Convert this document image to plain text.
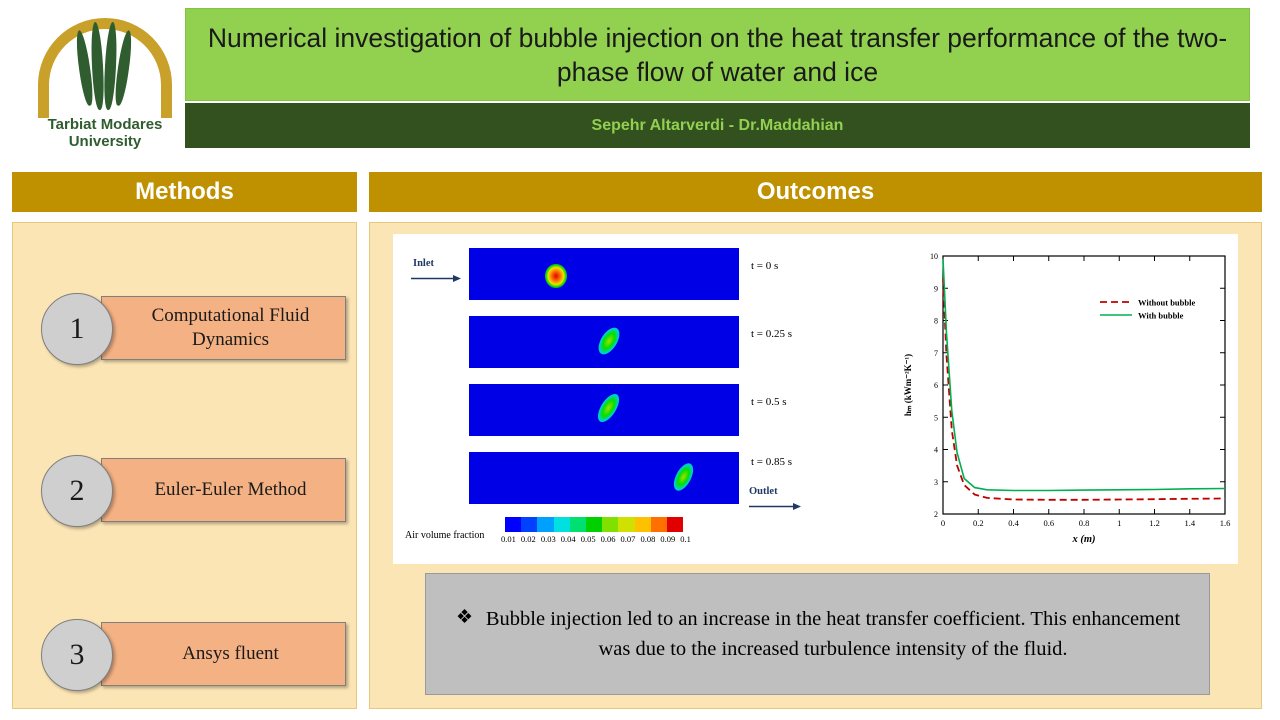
Tarbiat Modares
University
Numerical investigation of bubble injection on the heat transfer performance of the two-phase flow of water and ice
Sepehr Altarverdi - Dr.Maddahian
Methods	Outcomes
Computational Fluid Dynamics
1
Euler-Euler Method
2
Ansys fluent
3
Inlet	t = 0 s
t = 0.25 s
t = 0.5 s
t = 0.85 s
Outlet
Air volume fraction 0.01 0.02 0.03 0.04 0.05 0.06 0.07 0.08 0.09 0.1
2
3
4
5
6
7
8
9
10
0	0.2	0.4	0.6	0.8	1	1.2	1.4	1.6
x (m)
hₘ (kWm⁻²K⁻¹)
Without bubble
With bubble
❖ Bubble injection led to an increase in the heat transfer coefficient. This enhancement was due to the increased turbulence intensity of the fluid.
